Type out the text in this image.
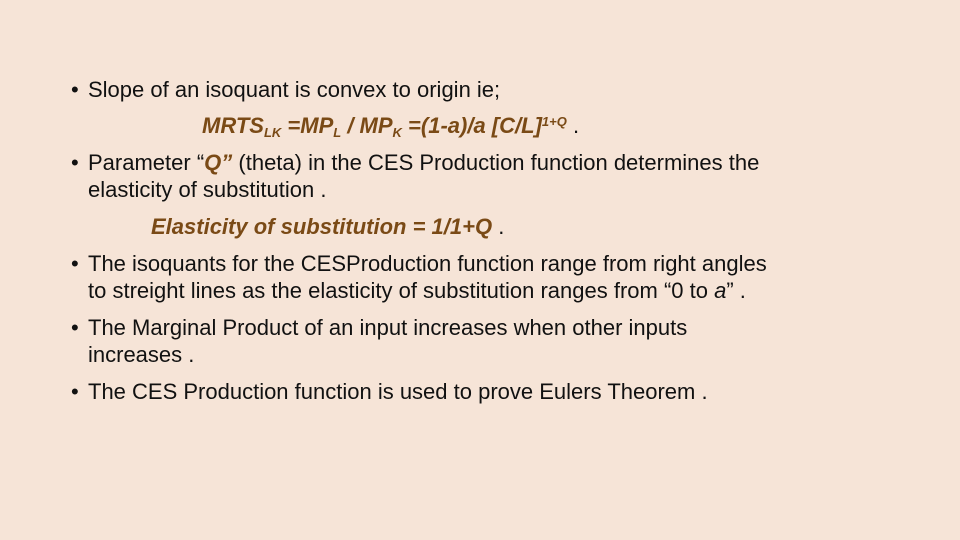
• Slope of an isoquant is convex to origin ie;
$MRTS_{LK} =MP_L / MP_K =(1-a)/a$ $[C/L]^{1+Q}$ .
• Parameter “Q” (theta) in the CES Production function determines the
elasticity of substitution .
Elasticity of substitution = 1/1+Q .
• The isoquants for the CESProduction function range from right angles
to streight lines as the elasticity of substitution ranges from “0 to a” .
• The Marginal Product of an input increases when other inputs
increases .
• The CES Production function is used to prove Eulers Theorem .
